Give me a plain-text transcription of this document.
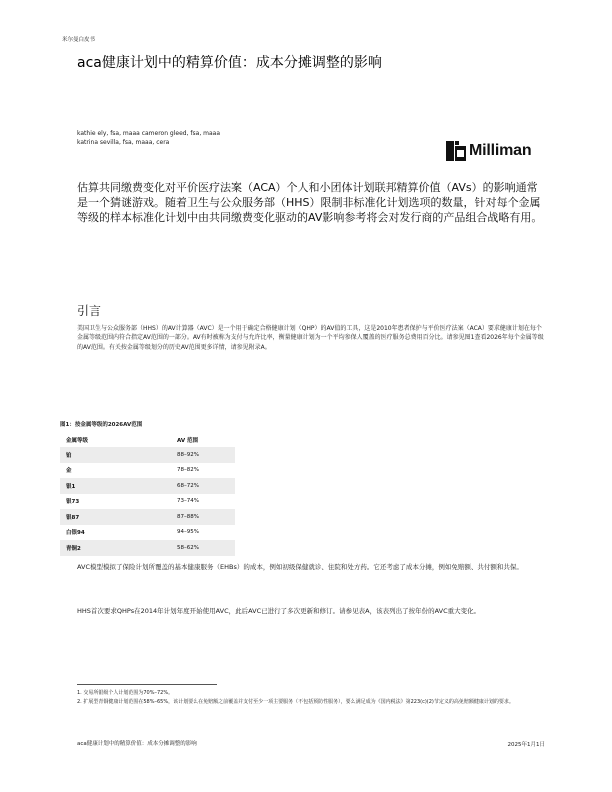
米尔曼白皮书
aca健康计划中的精算价值：成本分摊调整的影响
kathie ely, fsa, maaa cameron gleed, fsa, maaa katrina sevilla, fsa, maaa, cera	Milliman
估算共同缴费变化对平价医疗法案（ACA）个人和小团体计划联邦精算价值（AVs）的影响通常是一个猜谜游戏。随着卫生与公众服务部（HHS）限制非标准化计划选项的数量，针对每个金属等级的样本标准化计划中由共同缴费变化驱动的AV影响参考将会对发行商的产品组合战略有用。
引言
美国卫生与公众服务部（HHS）的AV计算器（AVC）是一个用于确定合格健康计划（QHP）的AV值的工具，这是2010年患者保护与平价医疗法案（ACA）要求健康计划在每个金属等级范围内符合指定AV范围的一部分。AV有时被称为支付与允许比率，衡量健康计划为一个平均参保人覆盖的医疗服务总费用百分比。请参见图1查看2026年每个金属等级的AV范围。有关按金属等级划分的历史AV范围更多详情，请参见附录A。
图1：按金属等级的2026AV范围
金属等级	AV 范围
铂	88–92%
金	78–82%
银1	68–72%
银73	73–74%
银87	87–88%
白银94	94–95%
青铜2	58–62%
AVC模型模拟了保险计划所覆盖的基本健康服务（EHBs）的成本，例如初级保健就诊、住院和处方药。它还考虑了成本分摊，例如免赔额、共付额和共保。
HHS首次要求QHPs在2014年计划年度开始使用AVC，此后AVC已进行了多次更新和修订。请参见表A，该表列出了按年份的AVC重大变化。
1. 交易所银级个人计划范围为70%–72%。
2. 扩展型青铜健康计划范围在58%–65%，该计划要么在免赔额之前覆盖并支付至少一项主要服务（不包括预防性服务），要么满足成为《国内税法》第223(c)(2)节定义的高免赔额健康计划的要求。
aca健康计划中的精算价值：成本分摊调整的影响	2025年1月1日
